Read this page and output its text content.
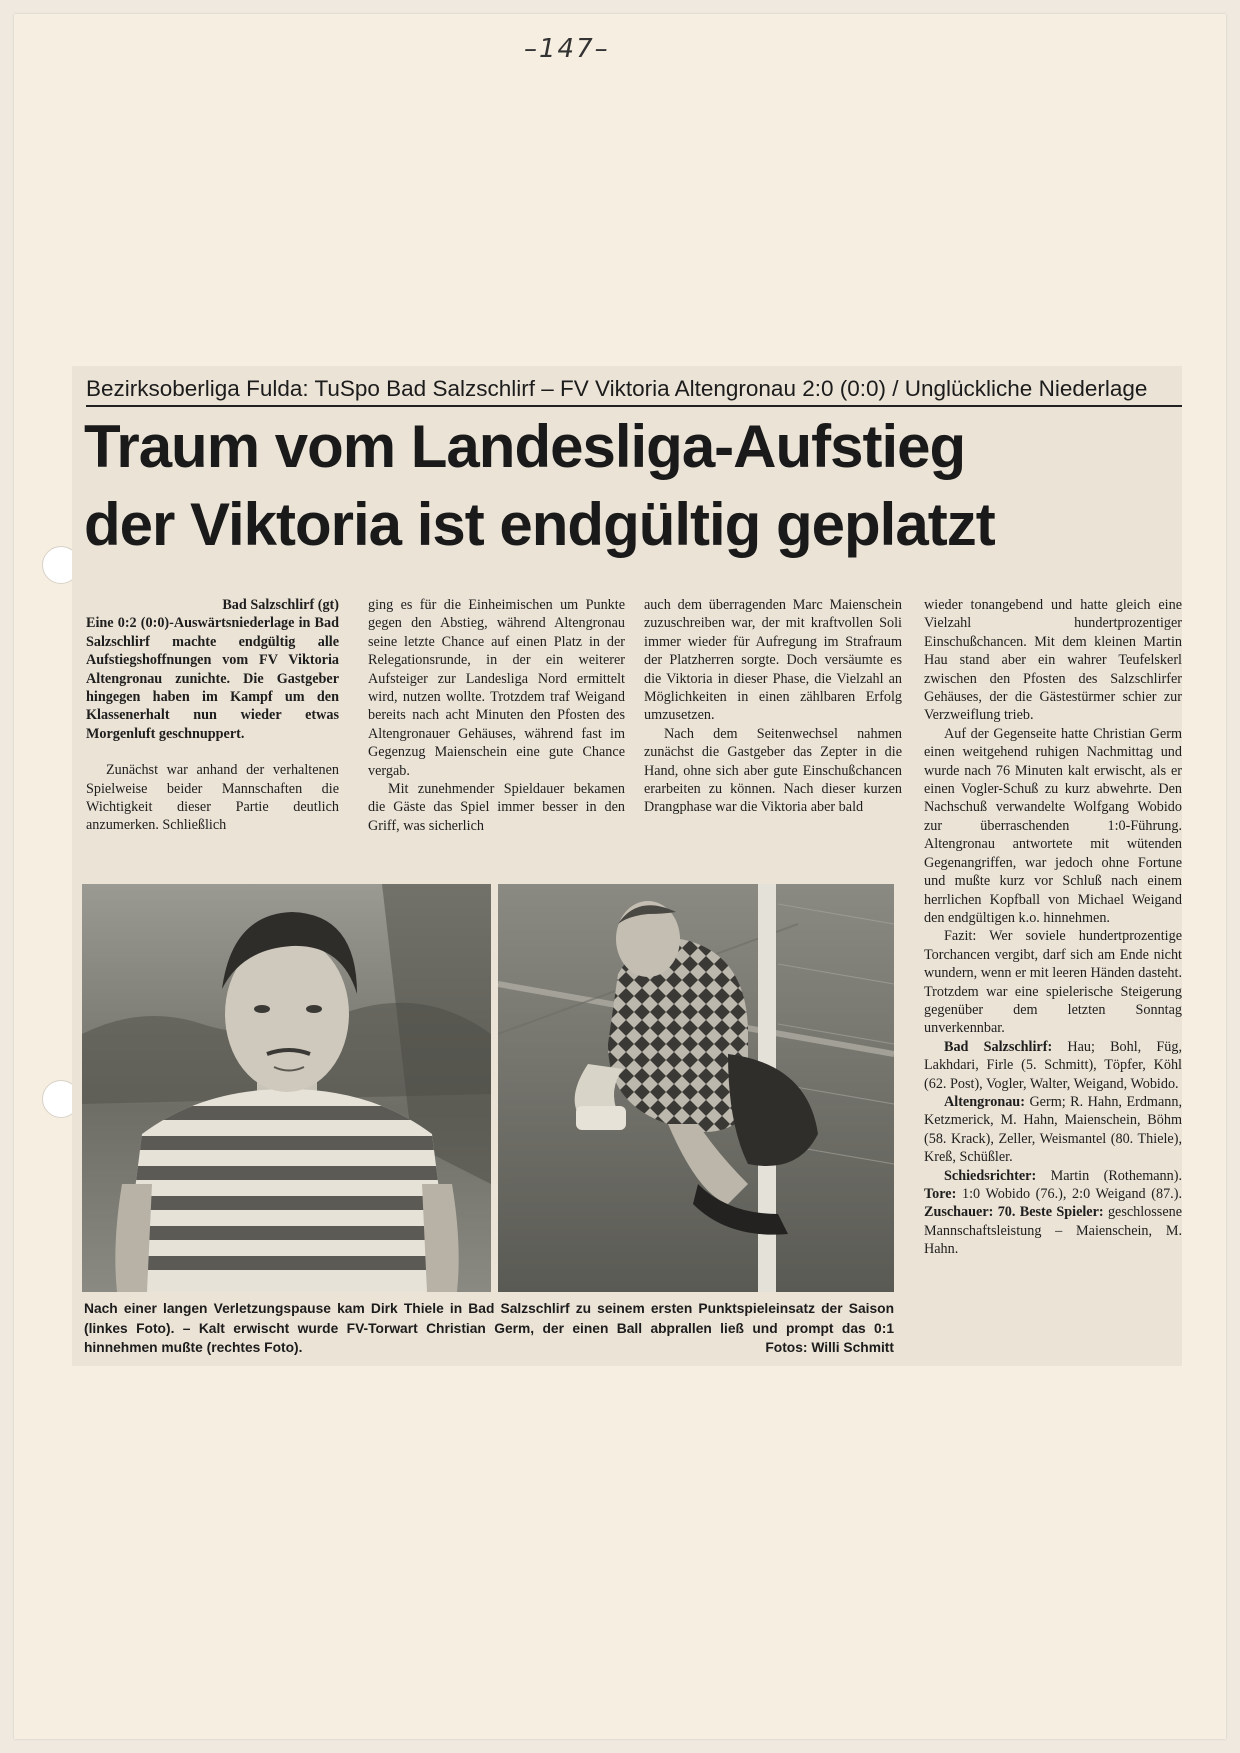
–147–
Bezirksoberliga Fulda: TuSpo Bad Salzschlirf – FV Viktoria Altengronau 2:0 (0:0) / Unglückliche Niederlage
Traum vom Landesliga-Aufstieg
der Viktoria ist endgültig geplatzt

Bad Salzschlirf (gt)

Eine 0:2 (0:0)-Auswärtsniederlage in Bad Salzschlirf machte endgültig alle Aufstiegshoffnungen vom FV Viktoria Altengronau zunichte. Die Gastgeber hingegen haben im Kampf um den Klassenerhalt nun wieder etwas Morgenluft geschnuppert.

Zunächst war anhand der verhaltenen Spielweise beider Mannschaften die Wichtigkeit dieser Partie deutlich anzumerken. Schließlich

ging es für die Einheimischen um Punkte gegen den Abstieg, während Altengronau seine letzte Chance auf einen Platz in der Relegationsrunde, in der ein weiterer Aufsteiger zur Landesliga Nord ermittelt wird, nutzen wollte. Trotzdem traf Weigand bereits nach acht Minuten den Pfosten des Altengronauer Gehäuses, während fast im Gegenzug Maienschein eine gute Chance vergab.

Mit zunehmender Spieldauer bekamen die Gäste das Spiel immer besser in den Griff, was sicherlich

auch dem überragenden Marc Maienschein zuzuschreiben war, der mit kraftvollen Soli immer wieder für Aufregung im Strafraum der Platzherren sorgte. Doch versäumte es die Viktoria in dieser Phase, die Vielzahl an Möglichkeiten in einen zählbaren Erfolg umzusetzen.

Nach dem Seitenwechsel nahmen zunächst die Gastgeber das Zepter in die Hand, ohne sich aber gute Einschußchancen erarbeiten zu können. Nach dieser kurzen Drangphase war die Viktoria aber bald

wieder tonangebend und hatte gleich eine Vielzahl hundertprozentiger Einschußchancen. Mit dem kleinen Martin Hau stand aber ein wahrer Teufelskerl zwischen den Pfosten des Salzschlirfer Gehäuses, der die Gästestürmer schier zur Verzweiflung trieb.

Auf der Gegenseite hatte Christian Germ einen weitgehend ruhigen Nachmittag und wurde nach 76 Minuten kalt erwischt, als er einen Vogler-Schuß zu kurz abwehrte. Den Nachschuß verwandelte Wolfgang Wobido zur überraschenden 1:0-Führung. Altengronau antwortete mit wütenden Gegenangriffen, war jedoch ohne Fortune und mußte kurz vor Schluß nach einem herrlichen Kopfball von Michael Weigand den endgültigen k.o. hinnehmen.

Fazit: Wer soviele hundertprozentige Torchancen vergibt, darf sich am Ende nicht wundern, wenn er mit leeren Händen dasteht. Trotzdem war eine spielerische Steigerung gegenüber dem letzten Sonntag unverkennbar.

Bad Salzschlirf: Hau; Bohl, Füg, Lakhdari, Firle (5. Schmitt), Töpfer, Köhl (62. Post), Vogler, Walter, Weigand, Wobido.

Altengronau: Germ; R. Hahn, Erdmann, Ketzmerick, M. Hahn, Maienschein, Böhm (58. Krack), Zeller, Weismantel (80. Thiele), Kreß, Schüßler.

Schiedsrichter: Martin (Rothemann). Tore: 1:0 Wobido (76.), 2:0 Weigand (87.). Zuschauer: 70. Beste Spieler: geschlossene Mannschaftsleistung – Maienschein, M. Hahn.

Nach einer langen Verletzungspause kam Dirk Thiele in Bad Salzschlirf zu seinem ersten Punktspieleinsatz der Saison (linkes Foto). – Kalt erwischt wurde FV-Torwart Christian Germ, der einen Ball abprallen ließ und prompt das 0:1 hinnehmen mußte (rechtes Foto).	Fotos: Willi Schmitt
